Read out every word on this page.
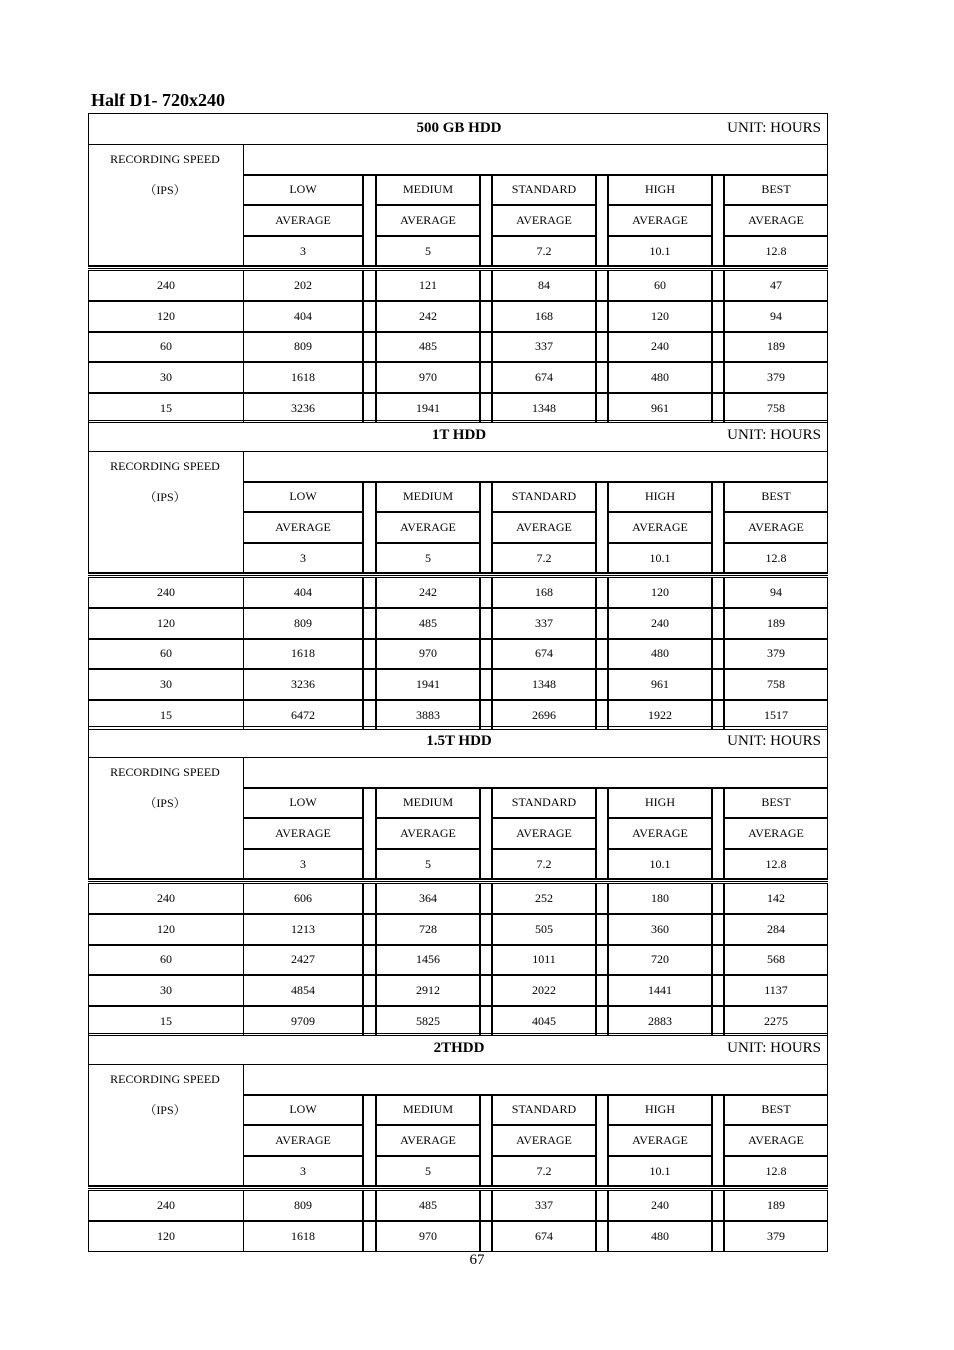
Half D1- 720x240
500 GB HDD	UNIT: HOURS
RECORDING SPEED
（IPS）	LOW	MEDIUM	STANDARD	HIGH	BEST
AVERAGE	AVERAGE	AVERAGE	AVERAGE	AVERAGE
3	5	7.2	10.1	12.8
240	202	121	84	60	47
120	404	242	168	120	94
60	809	485	337	240	189
30	1618	970	674	480	379
15	3236	1941	1348	961	758
1T HDD	UNIT: HOURS
RECORDING SPEED
（IPS）	LOW	MEDIUM	STANDARD	HIGH	BEST
AVERAGE	AVERAGE	AVERAGE	AVERAGE	AVERAGE
3	5	7.2	10.1	12.8
240	404	242	168	120	94
120	809	485	337	240	189
60	1618	970	674	480	379
30	3236	1941	1348	961	758
15	6472	3883	2696	1922	1517
1.5T HDD	UNIT: HOURS
RECORDING SPEED
（IPS）	LOW	MEDIUM	STANDARD	HIGH	BEST
AVERAGE	AVERAGE	AVERAGE	AVERAGE	AVERAGE
3	5	7.2	10.1	12.8
240	606	364	252	180	142
120	1213	728	505	360	284
60	2427	1456	1011	720	568
30	4854	2912	2022	1441	1137
15	9709	5825	4045	2883	2275
2THDD	UNIT: HOURS
RECORDING SPEED
（IPS）	LOW	MEDIUM	STANDARD	HIGH	BEST
AVERAGE	AVERAGE	AVERAGE	AVERAGE	AVERAGE
3	5	7.2	10.1	12.8
240	809	485	337	240	189
120	1618	970	674	480	379
67
